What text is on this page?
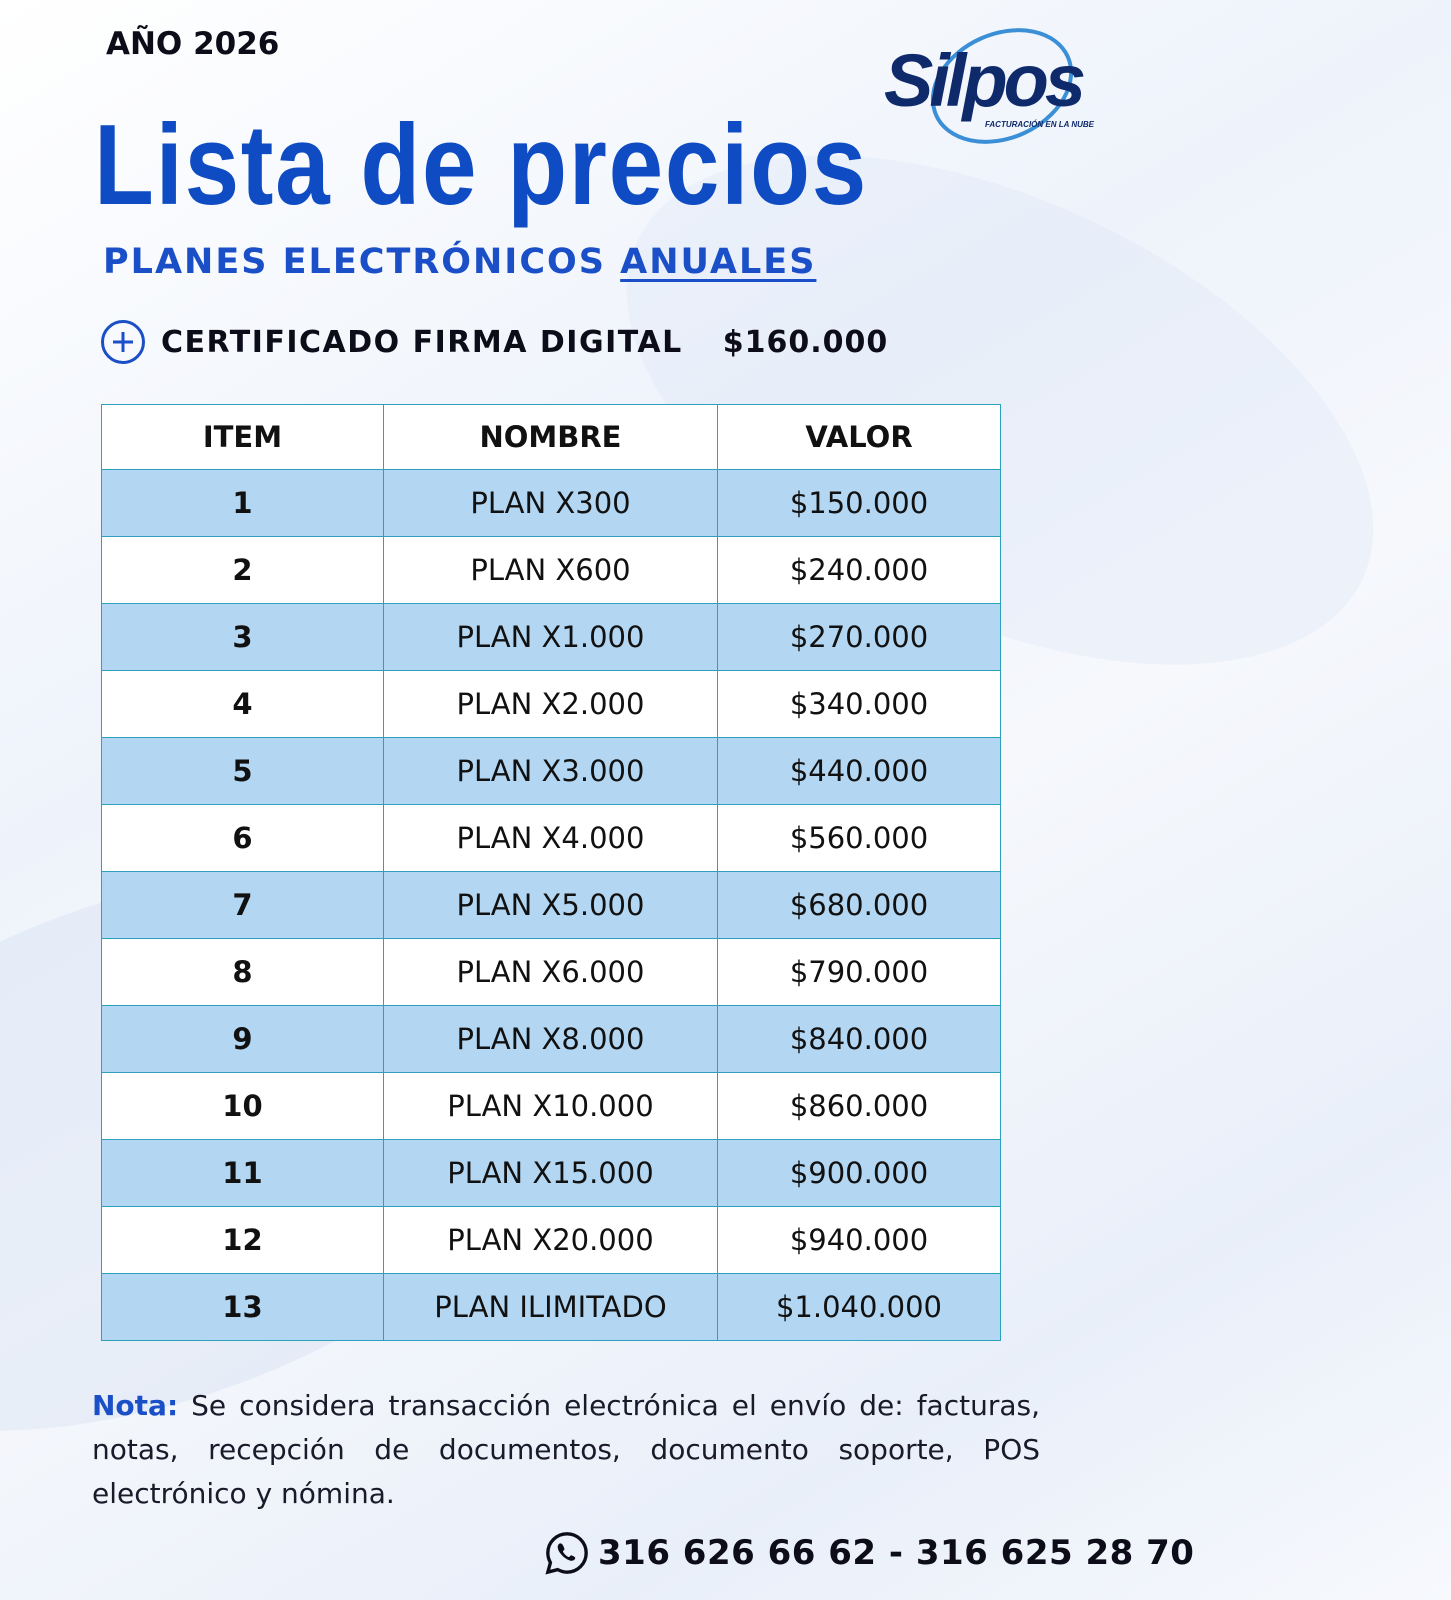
AÑO 2026	Silpos
FACTURACIÓN EN LA NUBE
Lista de precios
PLANES ELECTRÓNICOS ANUALES
CERTIFICADO FIRMA DIGITAL $160.000
ITEM	NOMBRE	VALOR
1	PLAN X300	$150.000
2	PLAN X600	$240.000
3	PLAN X1.000	$270.000
4	PLAN X2.000	$340.000
5	PLAN X3.000	$440.000
6	PLAN X4.000	$560.000
7	PLAN X5.000	$680.000
8	PLAN X6.000	$790.000
9	PLAN X8.000	$840.000
10	PLAN X10.000	$860.000
11	PLAN X15.000	$900.000
12	PLAN X20.000	$940.000
13	PLAN ILIMITADO	$1.040.000
Nota: Se considera transacción electrónica el envío de: facturas, notas, recepción de documentos, documento soporte, POS electrónico y nómina.
316 626 66 62 - 316 625 28 70
